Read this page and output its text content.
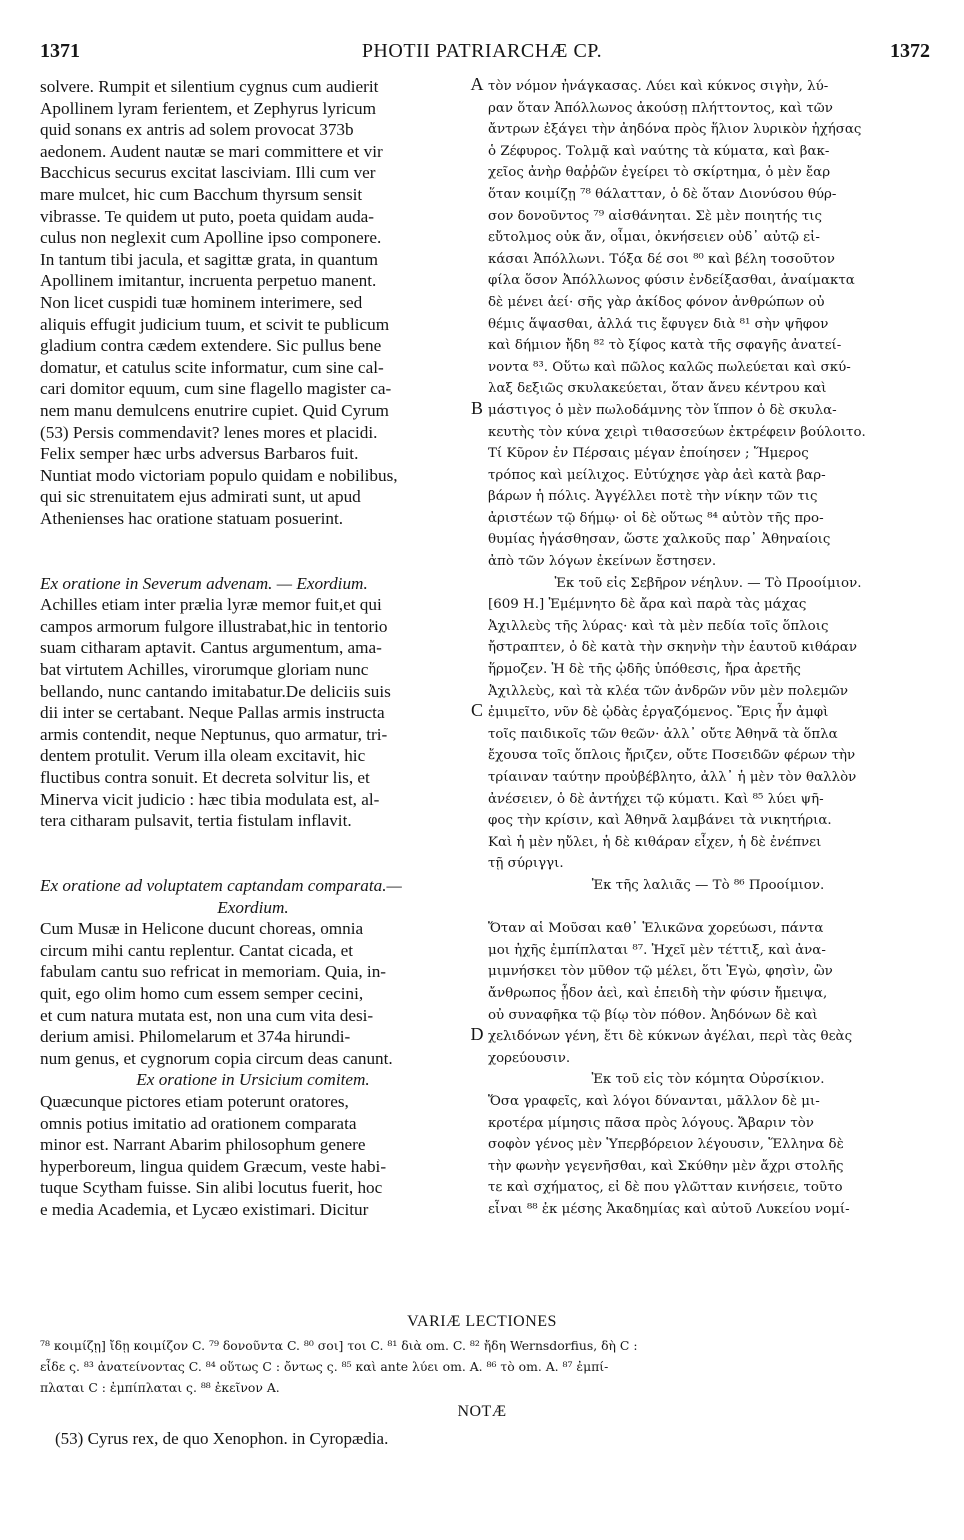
1371	PHOTII PATRIARCHÆ CP.	1372
solvere. Rumpit et silentium cygnus cum audierit
Apollinem lyram ferientem, et Zephyrus lyricum
quid sonans ex antris ad solem provocat 373b
aedonem. Audent nautæ se mari committere et vir
Bacchicus securus excitat lasciviam. Illi cum ver
mare mulcet, hic cum Bacchum thyrsum sensit
vibrasse. Te quidem ut puto, poeta quidam auda-
culus non neglexit cum Apolline ipso componere.
In tantum tibi jacula, et sagittæ grata, in quantum
Apollinem imitantur, incruenta perpetuo manent.
Non licet cuspidi tuæ hominem interimere, sed
aliquis effugit judicium tuum, et scivit te publicum
gladium contra cædem extendere. Sic pullus bene
domatur, et catulus scite informatur, cum sine cal-
cari domitor equum, cum sine flagello magister ca-
nem manu demulcens enutrire cupiet. Quid Cyrum
(53) Persis commendavit? lenes mores et placidi.
Felix semper hæc urbs adversus Barbaros fuit.
Nuntiat modo victoriam populo quidam e nobilibus,
qui sic strenuitatem ejus admirati sunt, ut apud
Athenienses hac oratione statuam posuerint.
Ex oratione in Severum advenam. — Exordium.
Achilles etiam inter prælia lyræ memor fuit,et qui
campos armorum fulgore illustrabat,hic in tentorio
suam citharam aptavit. Cantus argumentum, ama-
bat virtutem Achilles, virorumque gloriam nunc
bellando, nunc cantando imitabatur.De deliciis suis
dii inter se certabant. Neque Pallas armis instructa
armis contendit, neque Neptunus, quo armatur, tri-
dentem protulit. Verum illa oleam excitavit, hic
fluctibus contra sonuit. Et decreta solvitur lis, et
Minerva vicit judicio : hæc tibia modulata est, al-
tera citharam pulsavit, tertia fistulam inflavit.
Ex oratione ad voluptatem captandam comparata.—
Exordium.
Cum Musæ in Helicone ducunt choreas, omnia
circum mihi cantu replentur. Cantat cicada, et
fabulam cantu suo refricat in memoriam. Quia, in-
quit, ego olim homo cum essem semper cecini,
et cum natura mutata est, non una cum vita desi-
derium amisi. Philomelarum et 374a hirundi-
num genus, et cygnorum copia circum deas canunt.
Ex oratione in Ursicium comitem.
Quæcunque pictores etiam poterunt oratores,
omnis potius imitatio ad orationem comparata
minor est. Narrant Abarim philosophum genere
hyperboreum, lingua quidem Græcum, veste habi-
tuque Scytham fuisse. Sin alibi locutus fuerit, hoc
e media Academia, et Lycæo existimari. Dicitur
A
B
C
D
τὸν νόμον ἠνάγκασας. Λύει καὶ κύκνος σιγὴν, λύ-
ραν ὅταν Ἀπόλλωνος ἀκούσῃ πλήττοντος, καὶ τῶν
ἄντρων ἐξάγει τὴν ἀηδόνα πρὸς ἥλιον λυρικὸν ἠχήσας
ὁ Ζέφυρος. Τολμᾷ καὶ ναύτης τὰ κύματα, καὶ βακ-
χεῖος ἀνὴρ θαῤῥῶν ἐγείρει τὸ σκίρτημα, ὁ μὲν ἔαρ
ὅταν κοιμίζῃ ⁷⁸ θάλατταν, ὁ δὲ ὅταν Διονύσου θύρ-
σον δονοῦντος ⁷⁹ αἰσθάνηται. Σὲ μὲν ποιητής τις
εὔτολμος οὐκ ἄν, οἶμαι, ὀκνήσειεν οὐδ᾿ αὐτῷ εἰ-
κάσαι Ἀπόλλωνι. Τόξα δέ σοι ⁸⁰ καὶ βέλη τοσοῦτον
φίλα ὅσον Ἀπόλλωνος φύσιν ἐνδείξασθαι, ἀναίμακτα
δὲ μένει ἀεί· σῆς γὰρ ἀκίδος φόνον ἀνθρώπων οὐ
θέμις ἅψασθαι, ἀλλά τις ἔφυγεν διὰ ⁸¹ σὴν ψῆφον
καὶ δήμιον ἤδη ⁸² τὸ ξίφος κατὰ τῆς σφαγῆς ἀνατεί-
νοντα ⁸³. Οὕτω καὶ πῶλος καλῶς πωλεύεται καὶ σκύ-
λαξ δεξιῶς σκυλακεύεται, ὅταν ἄνευ κέντρου καὶ
μάστιγος ὁ μὲν πωλοδάμνης τὸν ἵππον ὁ δὲ σκυλα-
κευτὴς τὸν κύνα χειρὶ τιθασσεύων ἐκτρέφειν βούλοιτο.
Τί Κῦρον ἐν Πέρσαις μέγαν ἐποίησεν ; Ἥμερος
τρόπος καὶ μείλιχος. Εὐτύχησε γὰρ ἀεὶ κατὰ βαρ-
βάρων ἡ πόλις. Ἀγγέλλει ποτὲ τὴν νίκην τῶν τις
ἀριστέων τῷ δήμῳ· οἱ δὲ οὕτως ⁸⁴ αὐτὸν τῆς προ-
θυμίας ἠγάσθησαν, ὥστε χαλκοῦς παρ᾿ Ἀθηναίοις
ἀπὸ τῶν λόγων ἐκείνων ἔστησεν.
Ἐκ τοῦ εἰς Σεβῆρον νέηλυν. — Τὸ Προοίμιον.
[609 H.] Ἐμέμνητο δὲ ἄρα καὶ παρὰ τὰς μάχας
Ἀχιλλεὺς τῆς λύρας· καὶ τὰ μὲν πεδία τοῖς ὅπλοις
ἤστραπτεν, ὁ δὲ κατὰ τὴν σκηνὴν τὴν ἑαυτοῦ κιθάραν
ἥρμοζεν. Ἡ δὲ τῆς ᾠδῆς ὑπόθεσις, ἤρα ἀρετῆς
Ἀχιλλεὺς, καὶ τὰ κλέα τῶν ἀνδρῶν νῦν μὲν πολεμῶν
ἐμιμεῖτο, νῦν δὲ ᾠδὰς ἐργαζόμενος. Ἔρις ἦν ἀμφὶ
τοῖς παιδικοῖς τῶν θεῶν· ἀλλ᾿ οὔτε Ἀθηνᾶ τὰ ὅπλα
ἔχουσα τοῖς ὅπλοις ἤριζεν, οὔτε Ποσειδῶν φέρων τὴν
τρίαιναν ταύτην προὐβέβλητο, ἀλλ᾿ ἡ μὲν τὸν θαλλὸν
ἀνέσειεν, ὁ δὲ ἀντήχει τῷ κύματι. Καὶ ⁸⁵ λύει ψῆ-
φος τὴν κρίσιν, καὶ Ἀθηνᾶ λαμβάνει τὰ νικητήρια.
Καὶ ἡ μὲν ηὔλει, ἡ δὲ κιθάραν εἶχεν, ἡ δὲ ἐνέπνει
τῇ σύριγγι.
Ἐκ τῆς λαλιᾶς — Τὸ ⁸⁶ Προοίμιον.
Ὅταν αἱ Μοῦσαι καθ᾿ Ἑλικῶνα χορεύωσι, πάντα
μοι ἠχῆς ἐμπίπλαται ⁸⁷. Ἠχεῖ μὲν τέττιξ, καὶ ἀνα-
μιμνήσκει τὸν μῦθον τῷ μέλει, ὅτι Ἐγὼ, φησὶν, ὢν
ἄνθρωπος ᾖδον ἀεὶ, καὶ ἐπειδὴ τὴν φύσιν ἤμειψα,
οὐ συναφῆκα τῷ βίῳ τὸν πόθον. Ἀηδόνων δὲ καὶ
χελιδόνων γένη, ἔτι δὲ κύκνων ἀγέλαι, περὶ τὰς θεὰς
χορεύουσιν.
Ἐκ τοῦ εἰς τὸν κόμητα Οὐρσίκιον.
Ὅσα γραφεῖς, καὶ λόγοι δύνανται, μᾶλλον δὲ μι-
κροτέρα μίμησις πᾶσα πρὸς λόγους. Ἄβαριν τὸν
σοφὸν γένος μὲν Ὑπερβόρειον λέγουσιν, Ἕλληνα δὲ
τὴν φωνὴν γεγενῆσθαι, καὶ Σκύθην μὲν ἄχρι στολῆς
τε καὶ σχήματος, εἰ δὲ που γλῶτταν κινήσειε, τοῦτο
εἶναι ⁸⁸ ἐκ μέσης Ἀκαδημίας καὶ αὐτοῦ Λυκείου νομί-
VARIÆ LECTIONES
⁷⁸ κοιμίζῃ] ἴδῃ κοιμίζον C. ⁷⁹ δονοῦντα C. ⁸⁰ σοι] τοι C. ⁸¹ διὰ om. C. ⁸² ἤδη Wernsdorfius, δὴ C :
εἶδε ς. ⁸³ ἀνατείνοντας C. ⁸⁴ οὕτως C : ὄντως ς. ⁸⁵ καὶ ante λύει om. A. ⁸⁶ τὸ om. A. ⁸⁷ ἐμπί-
πλαται C : ἐμπίπλαται ς. ⁸⁸ ἐκεῖνον A.
NOTÆ
(53) Cyrus rex, de quo Xenophon. in Cyropædia.
